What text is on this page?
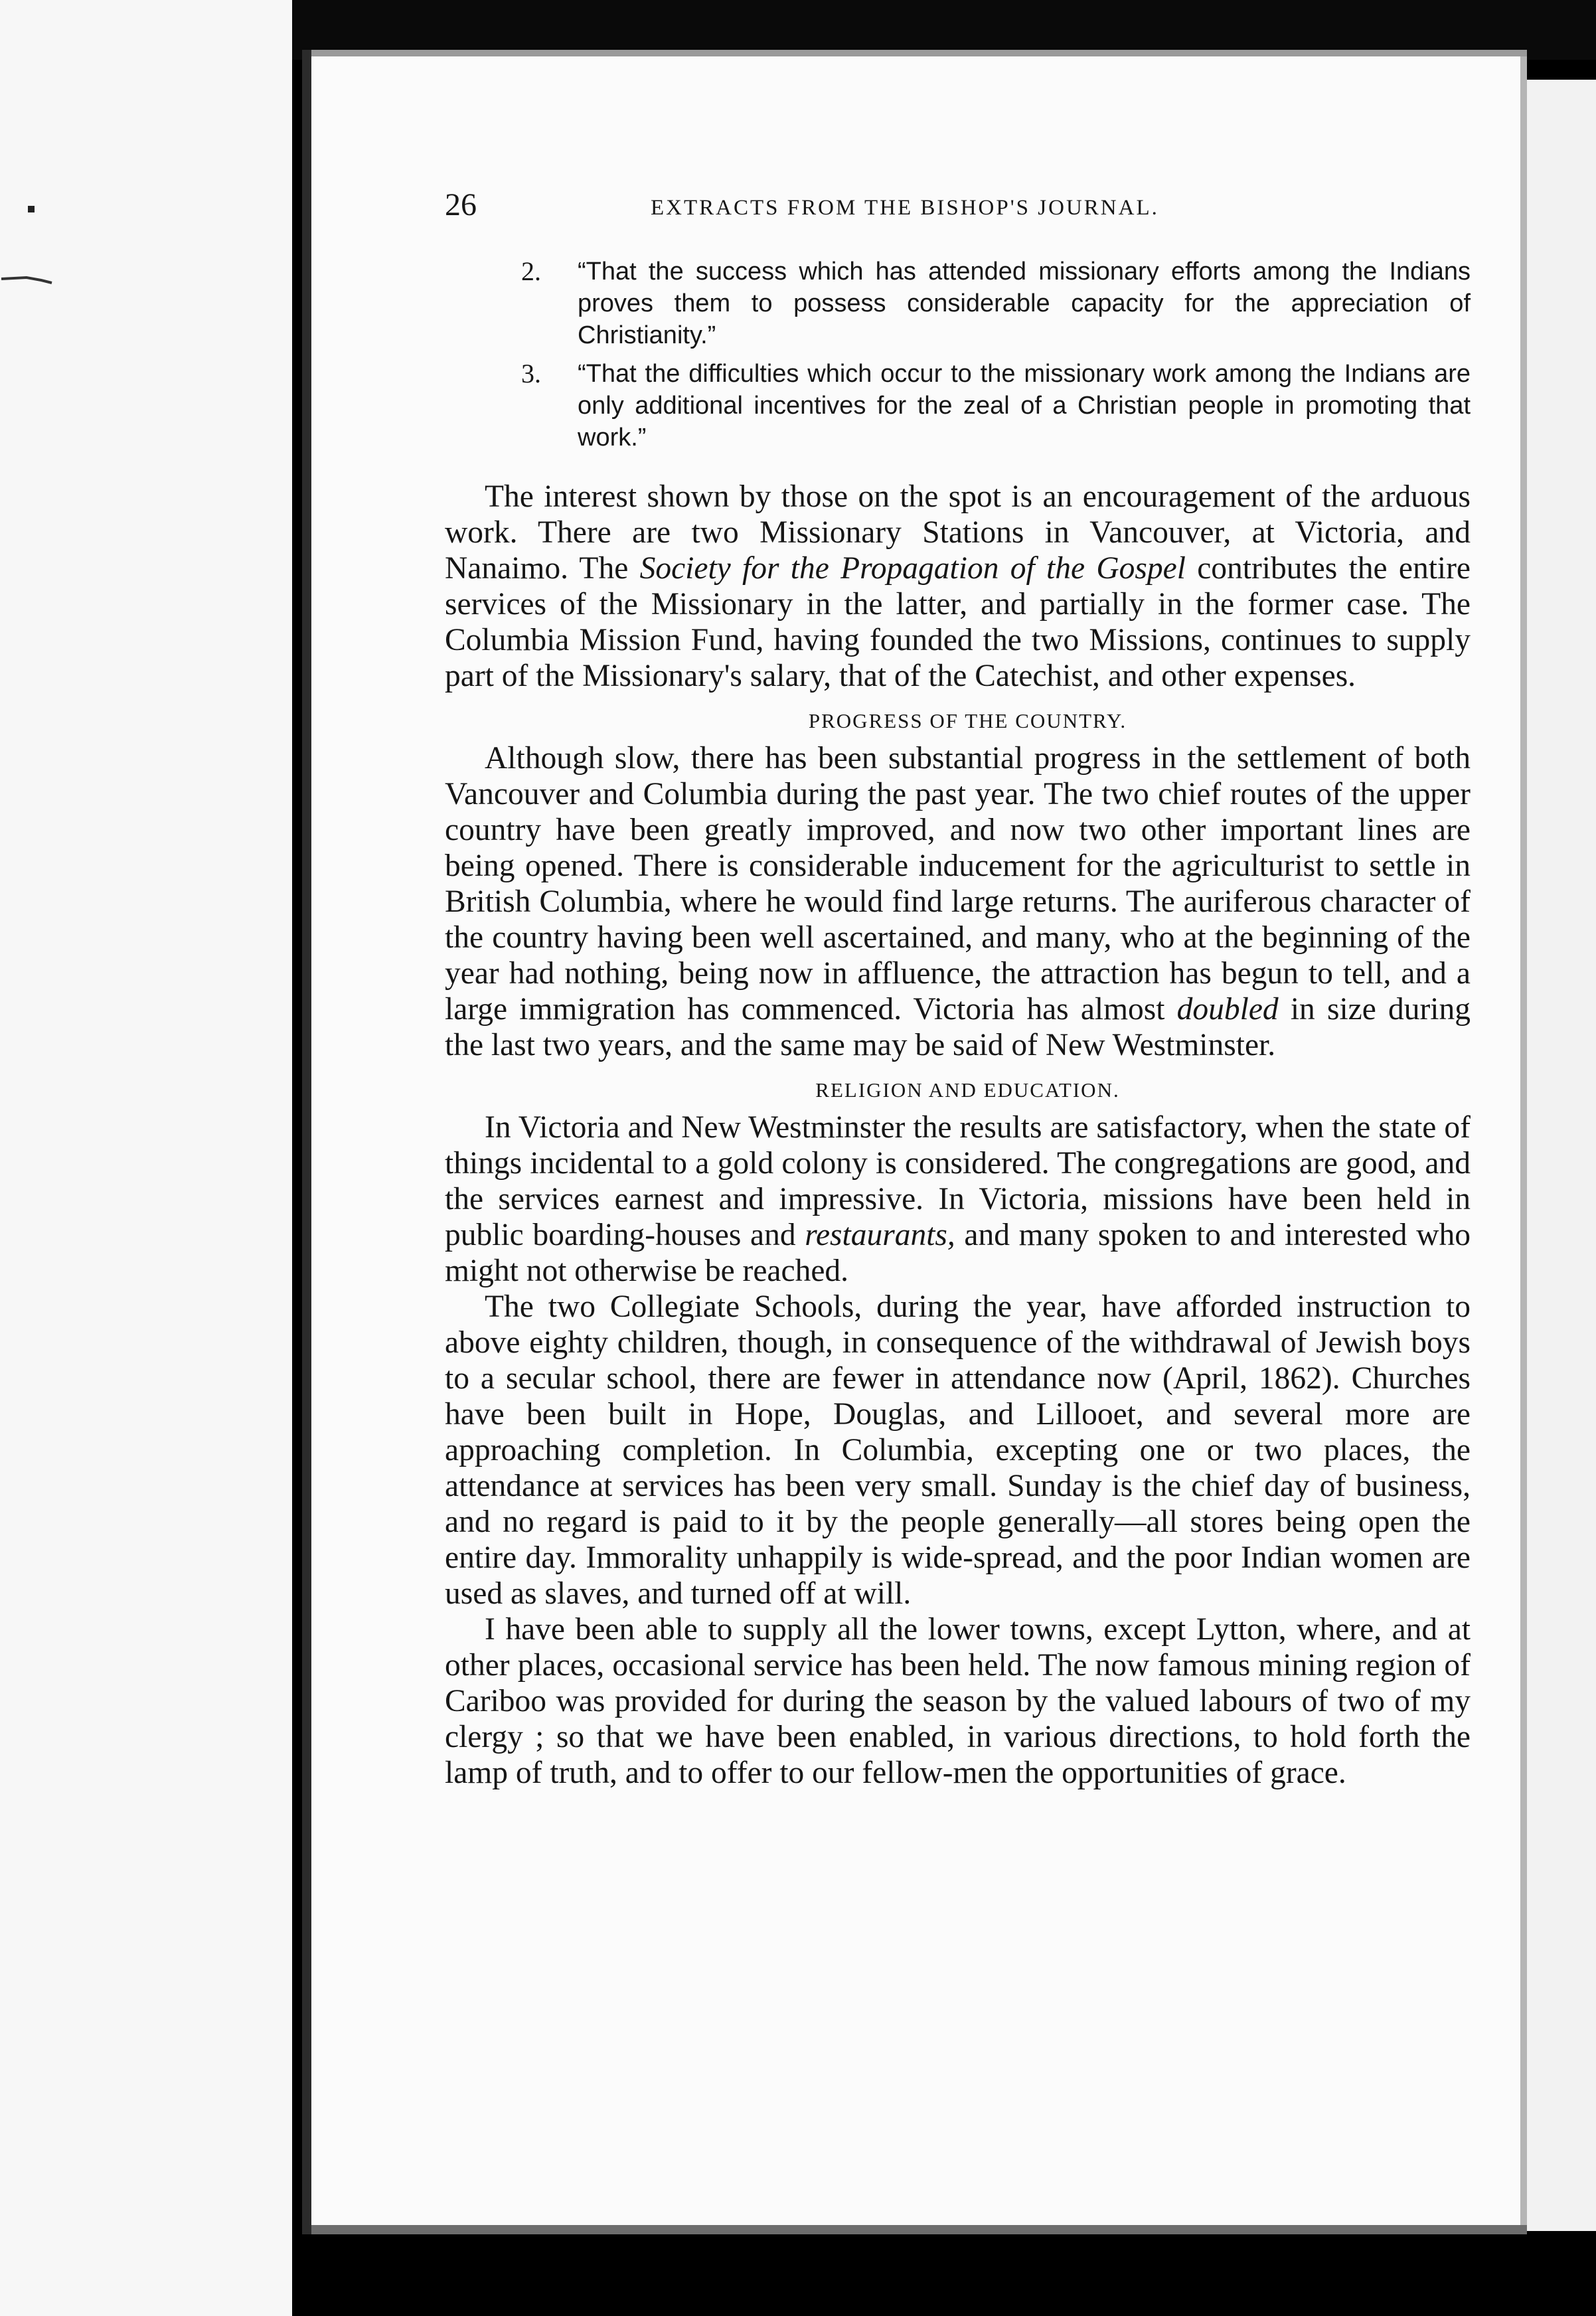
26	EXTRACTS FROM THE BISHOP'S JOURNAL.
2. “That the success which has attended missionary efforts among the Indians proves them to possess considerable capacity for the appreciation of Christianity.”
3. “That the difficulties which occur to the missionary work among the Indians are only additional incentives for the zeal of a Christian people in promoting that work.”

The interest shown by those on the spot is an encouragement of the arduous work. There are two Missionary Stations in Vancouver, at Victoria, and Nanaimo. The Society for the Propagation of the Gospel contributes the entire services of the Missionary in the latter, and partially in the former case. The Columbia Mission Fund, having founded the two Missions, continues to supply part of the Missionary's salary, that of the Catechist, and other expenses.

PROGRESS OF THE COUNTRY.

Although slow, there has been substantial progress in the settlement of both Vancouver and Columbia during the past year. The two chief routes of the upper country have been greatly improved, and now two other important lines are being opened. There is considerable inducement for the agriculturist to settle in British Columbia, where he would find large returns. The auriferous character of the country having been well ascertained, and many, who at the beginning of the year had nothing, being now in affluence, the attraction has begun to tell, and a large immigration has commenced. Victoria has almost doubled in size during the last two years, and the same may be said of New Westminster.

RELIGION AND EDUCATION.

In Victoria and New Westminster the results are satisfactory, when the state of things incidental to a gold colony is considered. The congregations are good, and the services earnest and impressive. In Victoria, missions have been held in public boarding-houses and restaurants, and many spoken to and interested who might not otherwise be reached.

The two Collegiate Schools, during the year, have afforded instruction to above eighty children, though, in consequence of the withdrawal of Jewish boys to a secular school, there are fewer in attendance now (April, 1862). Churches have been built in Hope, Douglas, and Lillooet, and several more are approaching completion. In Columbia, excepting one or two places, the attendance at services has been very small. Sunday is the chief day of business, and no regard is paid to it by the people generally—all stores being open the entire day. Immorality unhappily is wide-spread, and the poor Indian women are used as slaves, and turned off at will.

I have been able to supply all the lower towns, except Lytton, where, and at other places, occasional service has been held. The now famous mining region of Cariboo was provided for during the season by the valued labours of two of my clergy ; so that we have been enabled, in various directions, to hold forth the lamp of truth, and to offer to our fellow-men the opportunities of grace.
